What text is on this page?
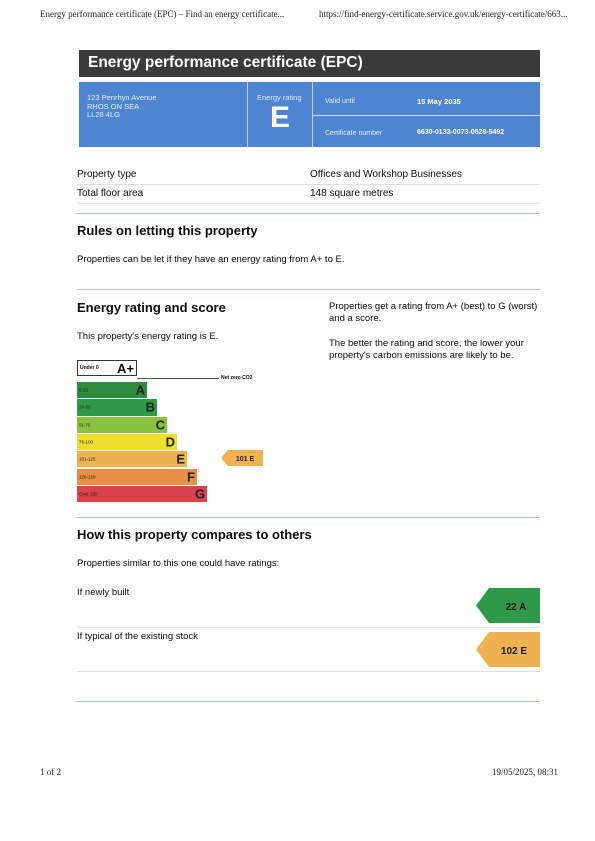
Energy performance certificate (EPC) – Find an energy certificate...	https://find-energy-certificate.service.gov.uk/energy-certificate/663...
Energy performance certificate (EPC)
123 Penrhyn Avenue
RHOS ON SEA
LL28 4LG
Energy rating
E	Valid until	15 May 2035
Certificate number	6630-0133-0073-0628-5492
Property type	Offices and Workshop Businesses
Total floor area	148 square metres
Rules on letting this property
Properties can be let if they have an energy rating from A+ to E.
Energy rating and score
This property's energy rating is E.
Properties get a rating from A+ (best) to G (worst) and a score.
The better the rating and score, the lower your property's carbon emissions are likely to be.
Under 0 A+
Net zero CO2
0-25	A
26-50	B
51-75	C
76-100	D
101-125	E
126-150	F
Over 150	G
101 E
How this property compares to others
Properties similar to this one could have ratings:
If newly built
22 A
If typical of the existing stock
102 E
1 of 2	19/05/2025, 08:31
